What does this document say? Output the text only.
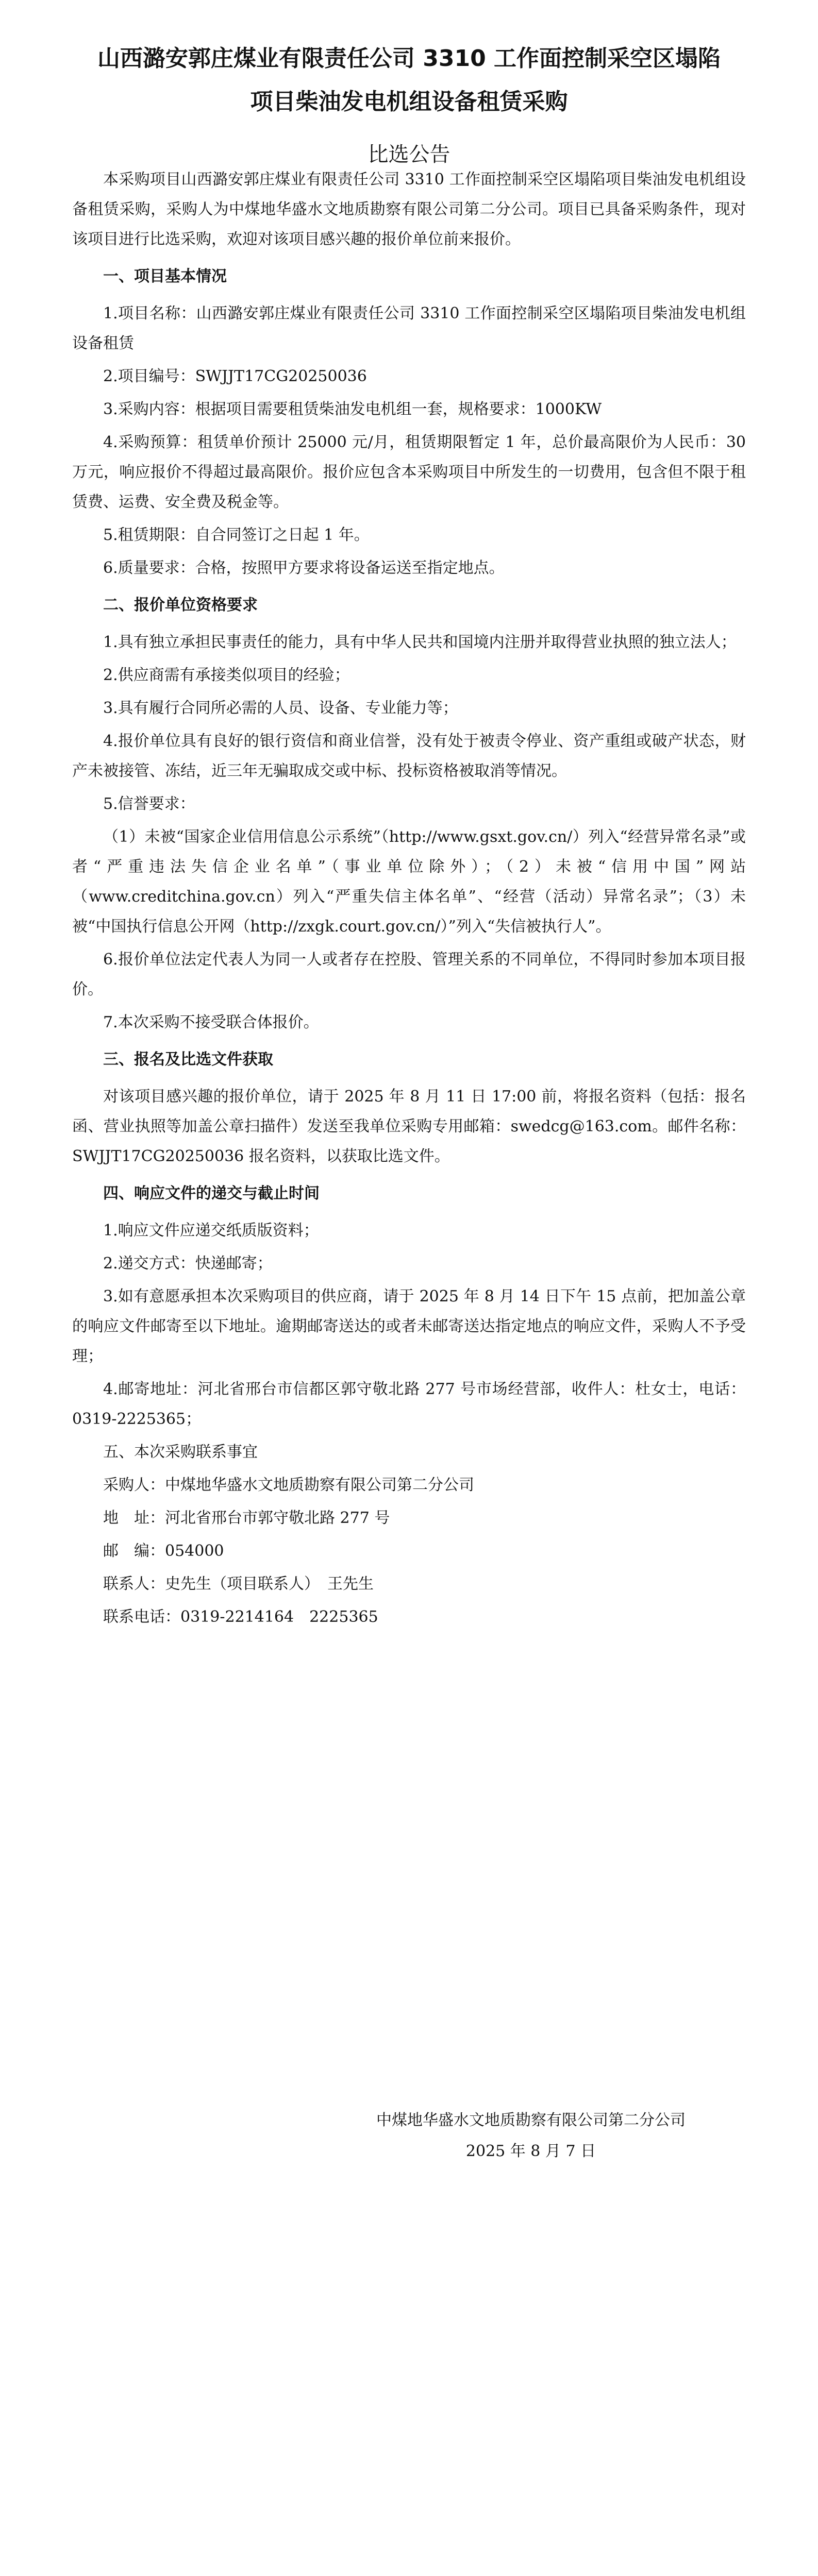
山西潞安郭庄煤业有限责任公司 3310 工作面控制采空区塌陷
项目柴油发电机组设备租赁采购
比选公告

本采购项目山西潞安郭庄煤业有限责任公司 3310 工作面控制采空区塌陷项目柴油发电机组设备租赁采购，采购人为中煤地华盛水文地质勘察有限公司第二分公司。项目已具备采购条件，现对该项目进行比选采购，欢迎对该项目感兴趣的报价单位前来报价。

一、项目基本情况

1.项目名称：山西潞安郭庄煤业有限责任公司 3310 工作面控制采空区塌陷项目柴油发电机组设备租赁

2.项目编号：SWJJT17CG20250036

3.采购内容：根据项目需要租赁柴油发电机组一套，规格要求：1000KW

4.采购预算：租赁单价预计 25000 元/月，租赁期限暂定 1 年，总价最高限价为人民币：30 万元，响应报价不得超过最高限价。报价应包含本采购项目中所发生的一切费用，包含但不限于租赁费、运费、安全费及税金等。

5.租赁期限：自合同签订之日起 1 年。

6.质量要求：合格，按照甲方要求将设备运送至指定地点。

二、报价单位资格要求

1.具有独立承担民事责任的能力，具有中华人民共和国境内注册并取得营业执照的独立法人；

2.供应商需有承接类似项目的经验；

3.具有履行合同所必需的人员、设备、专业能力等；

4.报价单位具有良好的银行资信和商业信誉，没有处于被责令停业、资产重组或破产状态，财产未被接管、冻结，近三年无骗取成交或中标、投标资格被取消等情况。

5.信誉要求：

（1）未被“国家企业信用信息公示系统”（http://www.gsxt.gov.cn/）列入“经营异常名录”或者“严重违法失信企业名单”（事业单位除外）；（2）未被“信用中国”网站（www.creditchina.gov.cn）列入“严重失信主体名单”、“经营（活动）异常名录”；（3）未被“中国执行信息公开网（http://zxgk.court.gov.cn/）”列入“失信被执行人”。

6.报价单位法定代表人为同一人或者存在控股、管理关系的不同单位，不得同时参加本项目报价。

7.本次采购不接受联合体报价。

三、报名及比选文件获取

对该项目感兴趣的报价单位，请于 2025 年 8 月 11 日 17:00 前，将报名资料（包括：报名函、营业执照等加盖公章扫描件）发送至我单位采购专用邮箱：swedcg@163.com。邮件名称：SWJJT17CG20250036 报名资料，以获取比选文件。

四、响应文件的递交与截止时间

1.响应文件应递交纸质版资料；

2.递交方式：快递邮寄；

3.如有意愿承担本次采购项目的供应商，请于 2025 年 8 月 14 日下午 15 点前，把加盖公章的响应文件邮寄至以下地址。逾期邮寄送达的或者未邮寄送达指定地点的响应文件，采购人不予受理；

4.邮寄地址：河北省邢台市信都区郭守敬北路 277 号市场经营部，收件人：杜女士，电话：0319-2225365；

五、本次采购联系事宜

采购人：中煤地华盛水文地质勘察有限公司第二分公司

地　址：河北省邢台市郭守敬北路 277 号

邮　编：054000

联系人：史先生（项目联系人）　王先生

联系电话：0319-2214164　2225365

中煤地华盛水文地质勘察有限公司第二分公司
2025 年 8 月 7 日
